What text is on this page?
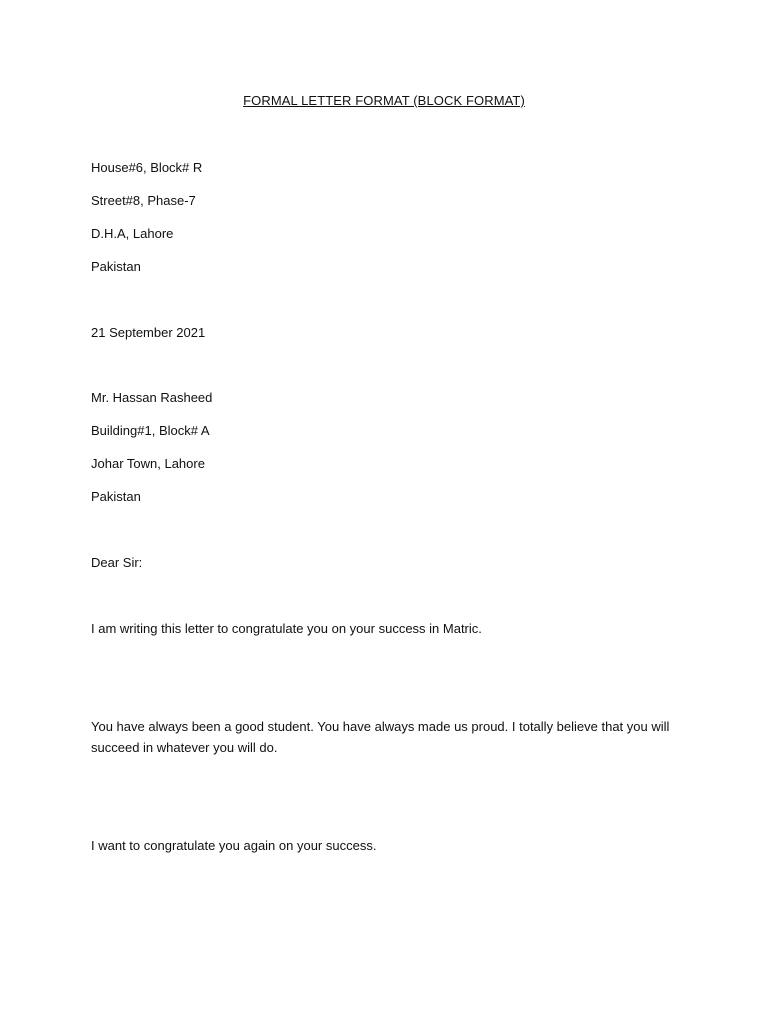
FORMAL LETTER FORMAT (BLOCK FORMAT)
House#6, Block# R
Street#8, Phase-7
D.H.A, Lahore
Pakistan
21 September 2021
Mr. Hassan Rasheed
Building#1, Block# A
Johar Town, Lahore
Pakistan
Dear Sir:
I am writing this letter to congratulate you on your success in Matric.
You have always been a good student. You have always made us proud. I totally believe that you will succeed in whatever you will do.
I want to congratulate you again on your success.
